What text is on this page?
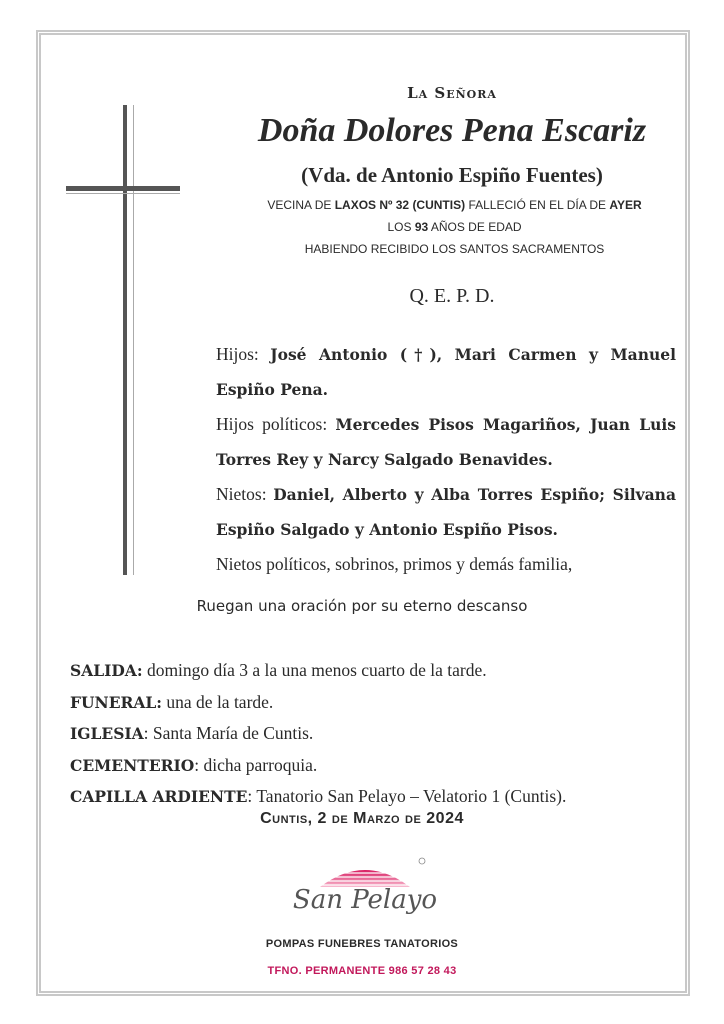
La Señora
Doña Dolores Pena Escariz
(Vda. de Antonio Espiño Fuentes)
VECINA DE LAXOS Nº 32 (CUNTIS) FALLECIÓ EN EL DÍA DE AYER
LOS 93 AÑOS DE EDAD
HABIENDO RECIBIDO LOS SANTOS SACRAMENTOS
Q. E. P. D.

Hijos: José Antonio (†), Mari Carmen y Manuel Espiño Pena.

Hijos políticos: Mercedes Pisos Magariños, Juan Luis Torres Rey y Narcy Salgado Benavides.

Nietos: Daniel, Alberto y Alba Torres Espiño; Silvana Espiño Salgado y Antonio Espiño Pisos.

Nietos políticos, sobrinos, primos y demás familia,

Ruegan una oración por su eterno descanso
SALIDA: domingo día 3 a la una menos cuarto de la tarde.
FUNERAL: una de la tarde.
IGLESIA: Santa María de Cuntis.
CEMENTERIO: dicha parroquia.
CAPILLA ARDIENTE: Tanatorio San Pelayo – Velatorio 1 (Cuntis).
Cuntis, 2 de Marzo de 2024
San Pelayo
POMPAS FUNEBRES TANATORIOS
TFNO. PERMANENTE 986 57 28 43
